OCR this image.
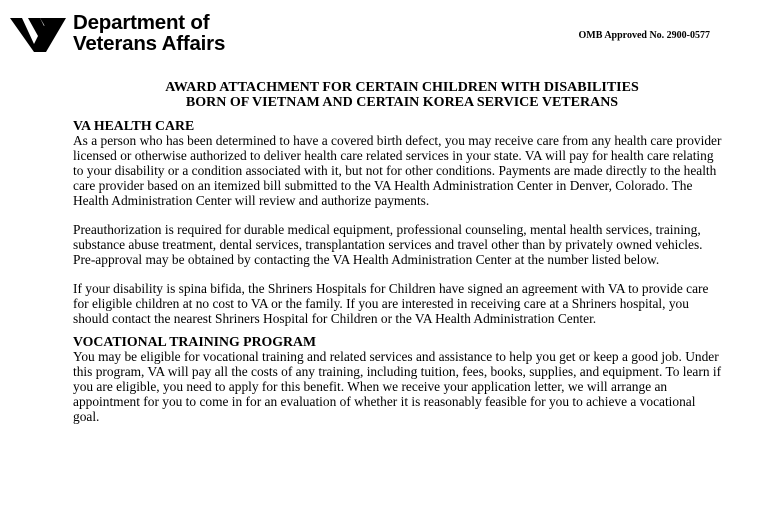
Department of
Veterans Affairs	OMB Approved No. 2900-0577
AWARD ATTACHMENT FOR CERTAIN CHILDREN WITH DISABILITIES
BORN OF VIETNAM AND CERTAIN KOREA SERVICE VETERANS

VA HEALTH CARE

As a person who has been determined to have a covered birth defect, you may receive care from any health care provider licensed or otherwise authorized to deliver health care related services in your state. VA will pay for health care relating to your disability or a condition associated with it, but not for other conditions. Payments are made directly to the health care provider based on an itemized bill submitted to the VA Health Administration Center in Denver, Colorado. The Health Administration Center will review and authorize payments.

Preauthorization is required for durable medical equipment, professional counseling, mental health services, training, substance abuse treatment, dental services, transplantation services and travel other than by privately owned vehicles. Pre-approval may be obtained by contacting the VA Health Administration Center at the number listed below.

If your disability is spina bifida, the Shriners Hospitals for Children have signed an agreement with VA to provide care for eligible children at no cost to VA or the family. If you are interested in receiving care at a Shriners hospital, you should contact the nearest Shriners Hospital for Children or the VA Health Administration Center.

VOCATIONAL TRAINING PROGRAM

You may be eligible for vocational training and related services and assistance to help you get or keep a good job. Under this program, VA will pay all the costs of any training, including tuition, fees, books, supplies, and equipment. To learn if you are eligible, you need to apply for this benefit. When we receive your application letter, we will arrange an appointment for you to come in for an evaluation of whether it is reasonably feasible for you to achieve a vocational goal.
